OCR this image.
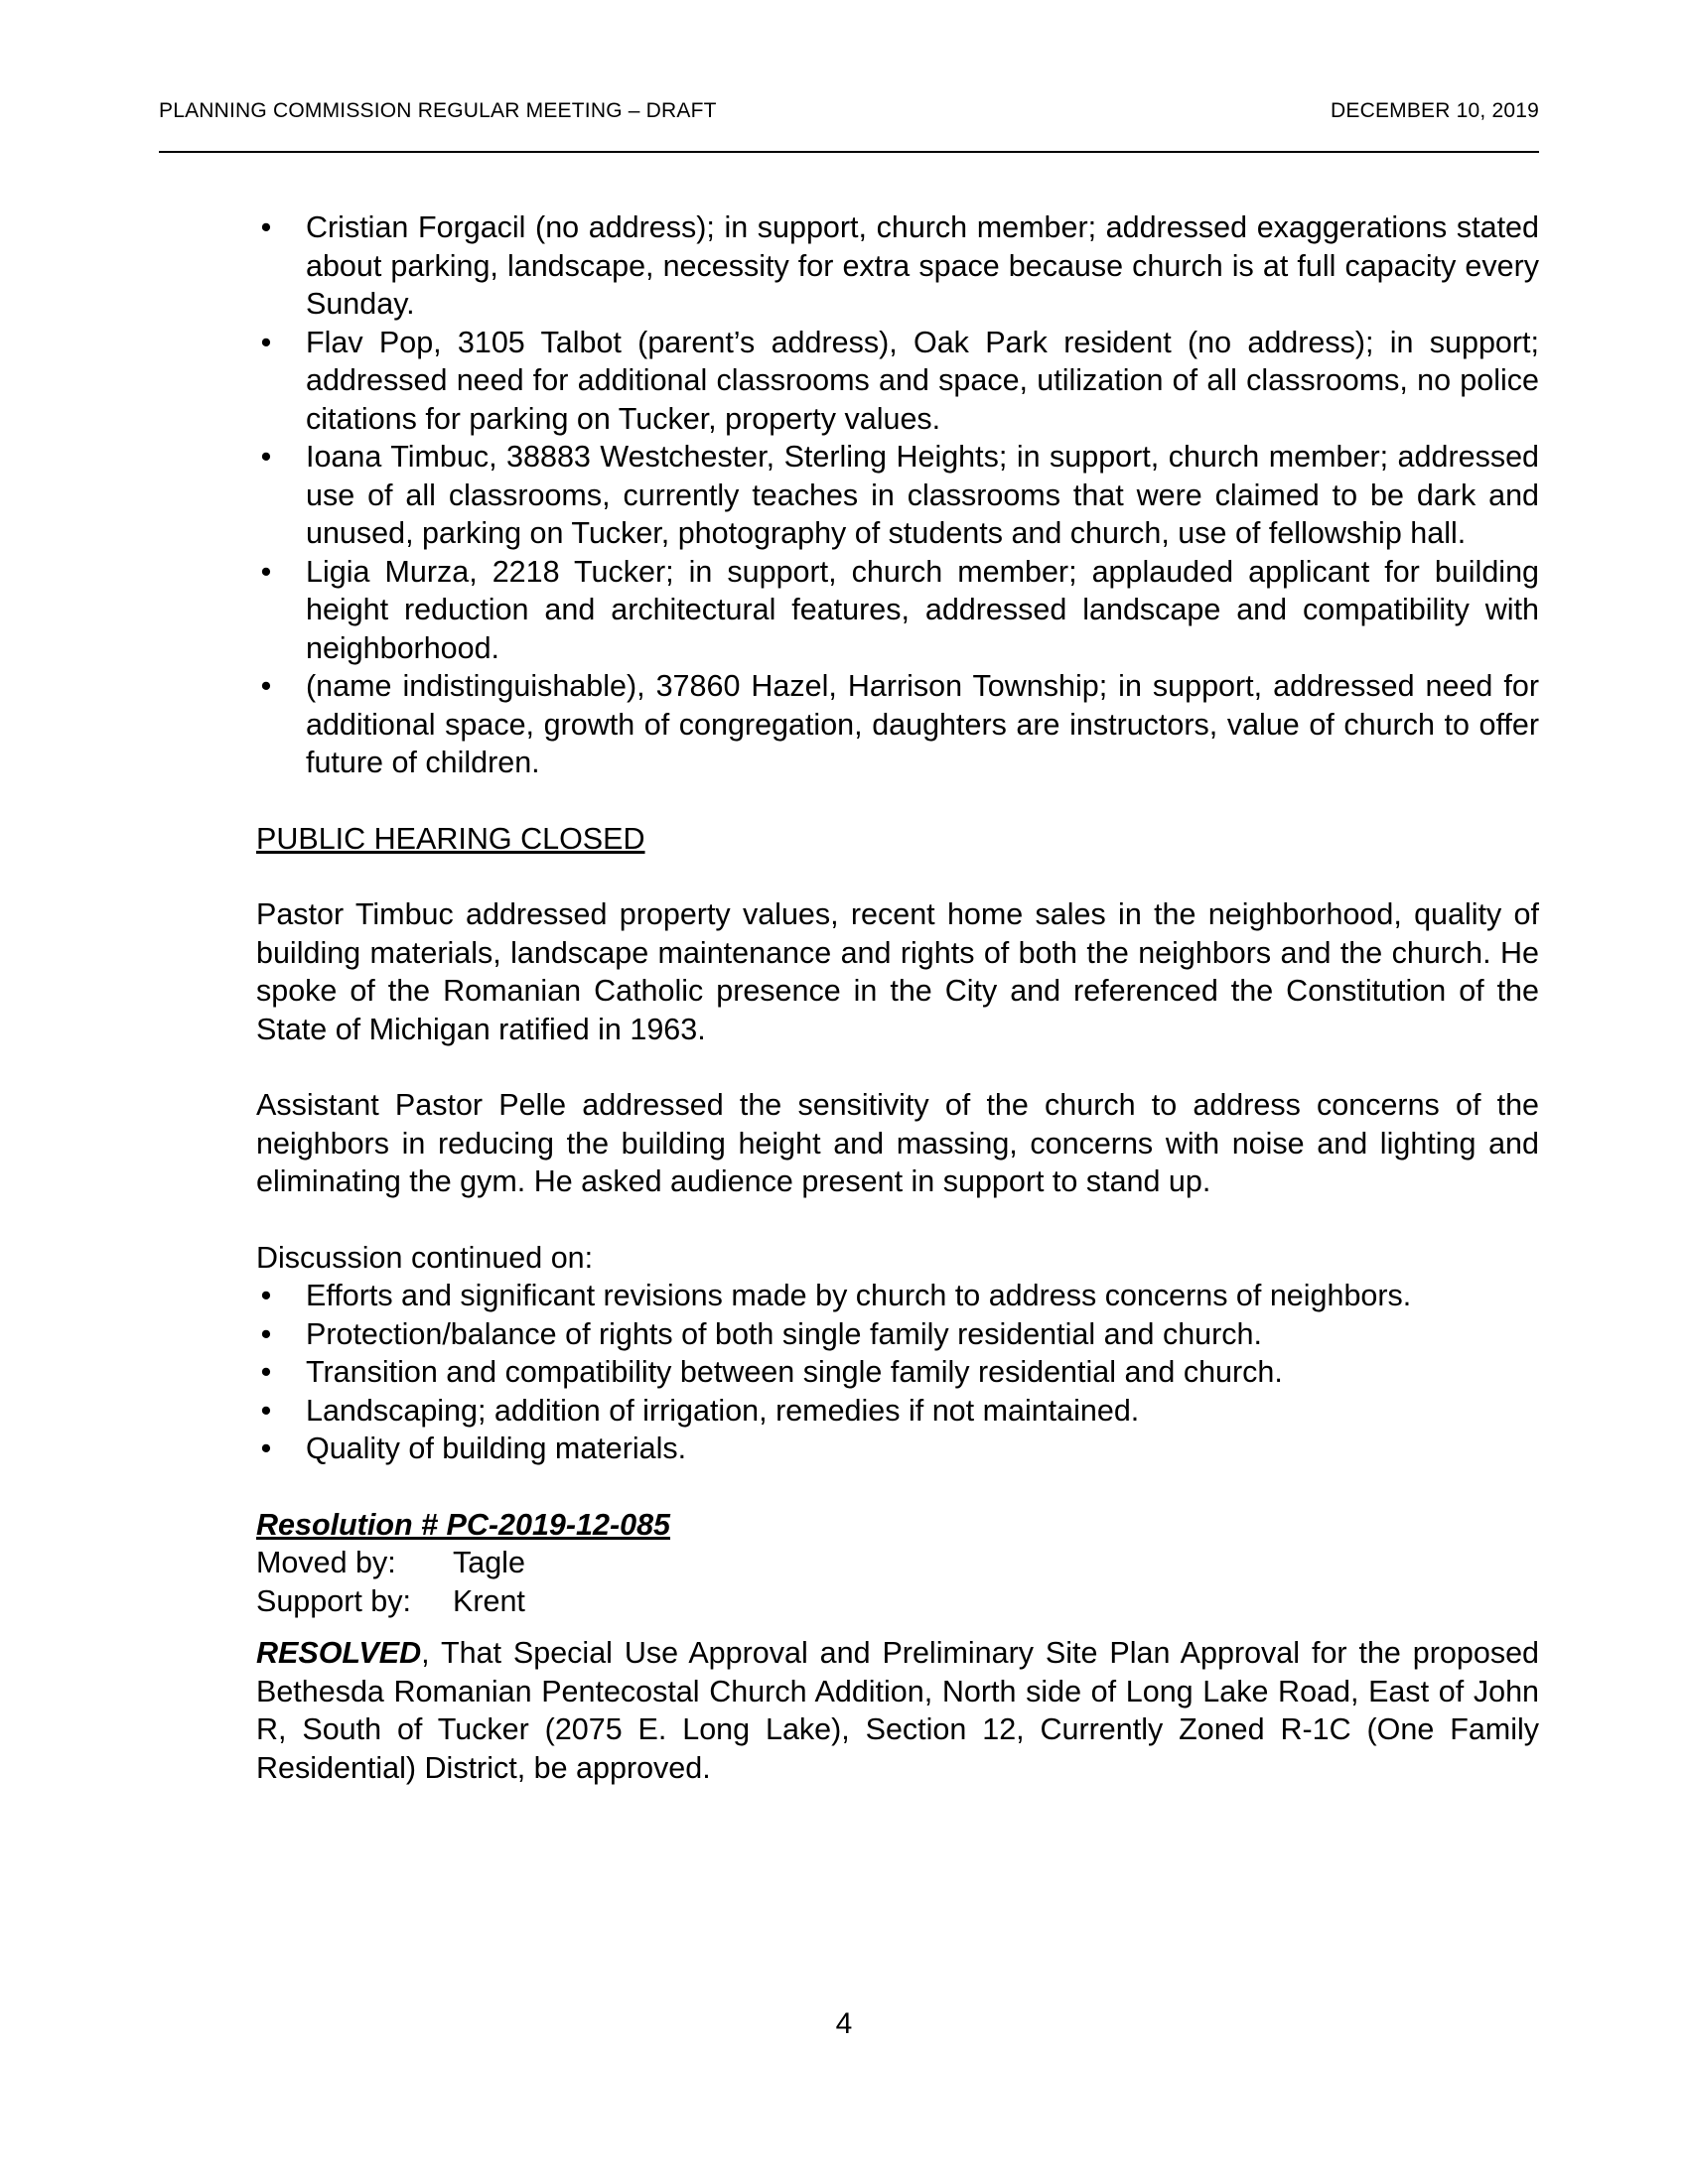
PLANNING COMMISSION REGULAR MEETING – DRAFT	DECEMBER 10, 2019
• Cristian Forgacil (no address); in support, church member; addressed exaggerations stated about parking, landscape, necessity for extra space because church is at full capacity every Sunday.
• Flav Pop, 3105 Talbot (parent’s address), Oak Park resident (no address); in support; addressed need for additional classrooms and space, utilization of all classrooms, no police citations for parking on Tucker, property values.
• Ioana Timbuc, 38883 Westchester, Sterling Heights; in support, church member; addressed use of all classrooms, currently teaches in classrooms that were claimed to be dark and unused, parking on Tucker, photography of students and church, use of fellowship hall.
• Ligia Murza, 2218 Tucker; in support, church member; applauded applicant for building height reduction and architectural features, addressed landscape and compatibility with neighborhood.
• (name indistinguishable), 37860 Hazel, Harrison Township; in support, addressed need for additional space, growth of congregation, daughters are instructors, value of church to offer future of children.

PUBLIC HEARING CLOSED

Pastor Timbuc addressed property values, recent home sales in the neighborhood, quality of building materials, landscape maintenance and rights of both the neighbors and the church. He spoke of the Romanian Catholic presence in the City and referenced the Constitution of the State of Michigan ratified in 1963.

Assistant Pastor Pelle addressed the sensitivity of the church to address concerns of the neighbors in reducing the building height and massing, concerns with noise and lighting and eliminating the gym. He asked audience present in support to stand up.

Discussion continued on:

• Efforts and significant revisions made by church to address concerns of neighbors.
• Protection/balance of rights of both single family residential and church.
• Transition and compatibility between single family residential and church.
• Landscaping; addition of irrigation, remedies if not maintained.
• Quality of building materials.

Resolution # PC-2019-12-085

Moved by:	Tagle
Support by:	Krent

RESOLVED, That Special Use Approval and Preliminary Site Plan Approval for the proposed Bethesda Romanian Pentecostal Church Addition, North side of Long Lake Road, East of John R, South of Tucker (2075 E. Long Lake), Section 12, Currently Zoned R-1C (One Family Residential) District, be approved.

4
